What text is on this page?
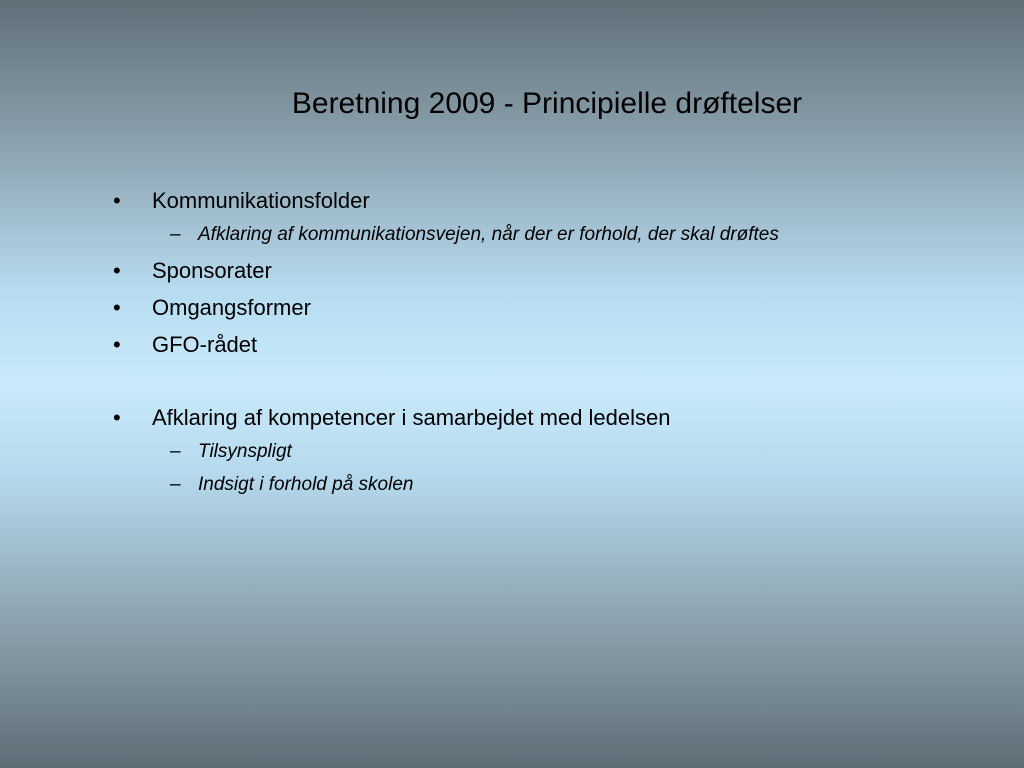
Beretning 2009 - Principielle drøftelser
• Kommunikationsfolder
– Afklaring af kommunikationsvejen, når der er forhold, der skal drøftes
• Sponsorater
• Omgangsformer
• GFO-rådet
• Afklaring af kompetencer i samarbejdet med ledelsen
– Tilsynspligt
– Indsigt i forhold på skolen
